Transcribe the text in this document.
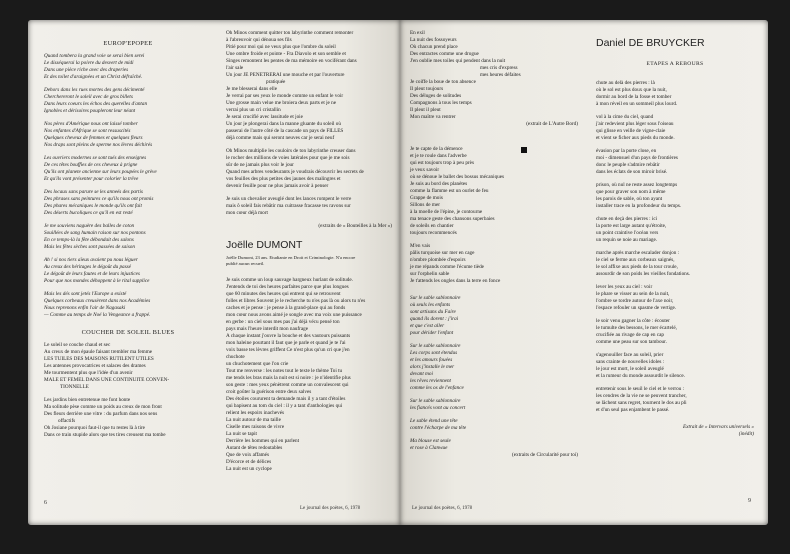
EUROP'EPOPEE

Quand tombera la grand voie se serai bien serei

Le disséquerai la poivre du desvert de midi

Dans une pièce riche avec des draperies

Et des toilet d'araignées et un Christ défraîché.

Dehors dans les rues mortes des gens décimenté

Cherchereront le soleil avec de gros billets

Dans leurs coeurs les échos des querelles d'antan

Ignobles et dérisoires poupleront leur néant

Nos pères d'Amérique nous ont laissé tomber

Nos enfantes d'Afrique se sont ressuscités

Quelques cheveux de femmes et quelques fleurs

Nos draps sont pleins de sperme nos lèvres déchirés

Les ouvriers modernes se sont tués des enseignes

De ces têtes bouffies de ces cheveux à prigne

Qu'ils ont planete ancienne sur leurs poupées le grève

Et qu'ils vont présenter pour colorier la trêve

Des locaux sans parure se les anneés des partis

Des phrases sans peintures ce qu'ils nous ont promis

Des phares mécaniques le monde qu'ils ont fait

Des déserts bucoliques ce qu'il en est resté

Je me souviens naguère des balles de coton

Souillées de sang humain raison sur nos pontons

En ce temps-là la fête débondait des salons

Mais les fêtes sèches sont passées de saison

Ah ! si nos tiers aïeux avaient pu nous léguer

Au creux des héritages le dégoût du passé

Le dégoût de leurs fautes et de leurs injustices

Pour que nos mondes déhoppent à le rital supplice

Mais les dés sont jetés l'Europe a existé

Quelques corbeaux creusèrent dans nos Académies

Nous reprenons enfin l'air de Nagasaki

— Comme au temps de Noé la Vengeance a frappé.

COUCHER DE SOLEIL BLUES

Le soleil se couche chaud et sec

Au creux de mon épaule faisant trembler ma femme

LES TUILES DES MAISONS RUTILENT UTILES

Les antennes provocatrices et salaces des drames

Me tourmentent plus que l'idée d'un avenir

MALE ET FEMEL DANS UNE CONTINUITE CONVEN-

TIONNELLE

Les jardins bien entretenue me font honte

Ma solitude pèse comme un poids au creux de mon front

Des fleurs derrière une vitre : du parfum dans nos sens

offactifs

Oh Josiane pourquoi faut-il que tu restes là à tire

Dans ce train stupide alors que tes tires creusent ma tombe

6

Oh Minos comment quitter ton labyrinthe comment remonter

à l'abreuvoir qui dénoua ses fils

Pitié pour moi qui ne veux plus que l'ombre du soleil

Une ombre froide et pointe - Fra Diavolo et son semble et

Singes remontent les pentes de ma mémoire en vociférant dans

l'air sale

Un jour JE PENETRERAI une mouche et par l'ouverture

pratiquée

Je me blesserai dans elle

Je verrai par ses yeux le monde comme un enfant le voir

Une grosse main velue me broiera deux parts et je ne

verrai plus un cri cristallin

Je serai crucifié avec lassitude et joie

Un jour je plongerai dans la manne gluante du soleil où

passerai de l'autre côté de la cascade un pays de FILLES

déjà comme mais qui seront neuves car je serai neuf

Oh Minos multiplie les couloirs de ton labyrinthe creuser dans

le rocher des millions de voies latérales pour que je me sois

sûr de ne jamais plus voir le jour

Quand mes arbres vendeurants je voudrais découvrir les secrets de

vos feuilles des plus petites des jaunes des malingres et

devenir feuille pour ne plus jamais avoir à penser

Je suis un chevalier aveuglé dont les lances rompent le verre

mais ô soleil fais rebâtir ma cuitrasse fracasse tes ravons sur

mon cœur déjà mort

(extraits de « Bouteilles à la Mer »)

Joëlle DUMONT

Joëlle Dumont, 23 ans. Etudiante en Droit et Criminologie. N'a encore

publié aucun recueil.

Je suis comme un loup sauvage hargneux hurlant de solitude.

J'entends de toi des heures parfaites parce que plus longues

que 60 minutes des heures qui entrent qui se retrouvent

folles et libres Souvent je le recherche tu n'es pas là ou alors tu n'es

caches et je pense : je pense à la grand-place qui au fonds

mon cœur nous avons aimé je songle avec ma voix une puissance

en gerbe : un ciel sous mes pas j'ai déjà vécu pensé ton

pays mais l'heure interdit mon naufrage

A chaque instant j'ouvre la bouche et des vautours puissants

mon haleine pourtant il faut que je parle et quand je te l'ai

voix basse tes lèvres griffent Ce n'est plus qu'un cri que j'en

chuchote

un chuchotement que l'on crie

Tout me renverse : les notes tout le texte le thème Toi tu

me tends les bras mais la nuit est si noire : je n'identifie plus

son geste : mes yeux pénètrent comme un convalescent qui

croit goûter la guérison entre deux salves

Des étoiles coururent ta demande mais il y a tant d'étoiles

qui bapisent au tom du ciel : il y a tant d'anthologies qui

relient les espoirs inachevés

La nuit autour de ma taille

Ciselle mes raisons de vivre

La nuit se tapit

Derrière les hommes qui en parlent

Autant de têtes redoutables

Que de voix affamés

D'écorce et de délices

La nuit est un cyclope

Le journal des poètes, 6, 1978

En exil

La nuit des fossoyeurs

Où chacun prend place

Des entractes comme une drogue

J'en oublie mes toiles qui pendent dans la nuit

mes cris d'express

mes heures défaites

Je coiffe la boue de ton absence

Il pleut toujours

Des déluges de solitudes

Compagnons à tous les temps

Il pleut il pleut

Mon maître va rentrer

(extrait de L'Autre Bord)

Je te capte de la démence

et je te roule dans l'adverbe

qui est toujours trop à peu près

je veux savoir

où se dénoue le ballet des bossus mécaniques

Je suis au bord des planètes

comme la flamme est un ourlet de feu

Grappe de mois

Sillons de mer

à la moelle de l'épine, je contourne

ma tenace geste des chansons superbaies

de soleils en chantier

toujours recommencés

M'en vais

pâlis turquoise sur mer en cage

n'ombre plombée d'espoirs

je me répands comme l'écume tiède

sur l'orphelin sable

Je t'attends les ongles dans la terre en fonce

Sur le sable sablonnaire

où seuls les enfants

sont artisans du Faire

quand ils dorent : j'irai

et que c'est aller

pour dérider l'enfant

Sur le sable sablonnaire

Les corps sont étendus

et les amours fouées

alors j'installe le mer

devant moi

les rêves reviennent

comme les os de l'enfance

Sur le sable sablonnaire

les fiancés vont au concert

Le sable étend une tête

contre l'écharpe de ma tête

Ma blouse est seule

et rose à Clanwue

(extraits de Circularité pour toi)

Le journal des poètes, 6, 1978
Daniel DE BRUYCKER
ETAPES A REBOURS

chute au delà des pierres : là

où le sol est plus doux que la nuit,

dormir au bord de la fosse et tomber

à mon réveil en un sommeil plus lourd.

vol à la cime du ciel, quand

j'air redevient plus léger sous l'oiseau

qui glisse en veille de vigne-claie

et vient se ficher aux pieds du monde.

évasion par la porte close, en

moi - dimensuel d'un pays de frontières

donc le peuple s'admire rebâtir

dans les éclats de son miroir brisé.

prison, où nul ne reste assez longtemps

que pour graver son nom à même

les parois de sable, où ton ayant

installer trace en la profondeur du temps.

chute en deçà des pierres : ici

la porte est large autant qu'étroite,

un point craintive l'océan vers

un requin se noie au mariage.

marche après marche escalader donjon :

le ciel se ferme aux corbeaux saignés,

le sol affixe aux pieds de la tour croule,

assourdir de son poids les vieilles fondations.

lever les yeux au ciel : voir

le phare se visser au sein de la nuit,

l'ombre se tordre autour de l'axe noir,

l'espace refouler un spasme de vertige.

le soir venu gagner la côte : écouter

le tumulte des bessons, le mer écartelé,

crucifiée au rivage de cap en cap

comme une peau sur son tambour.

s'agenouiller face au soleil, prier

sans crainte de nouvelles idoles :

le jour est mort, le soleil aveuglé

et la rumeur du monde assourdit le silence.

entretenir sous le seuil le ciel et le verrou :

les cendres de la vie ne se peuvent trancher,

se lâchent sans regret, tournent le dos au pli

et d'un seul pas enjambent le passé.

Extrait de « Intervars universels »

(inédit)

9
